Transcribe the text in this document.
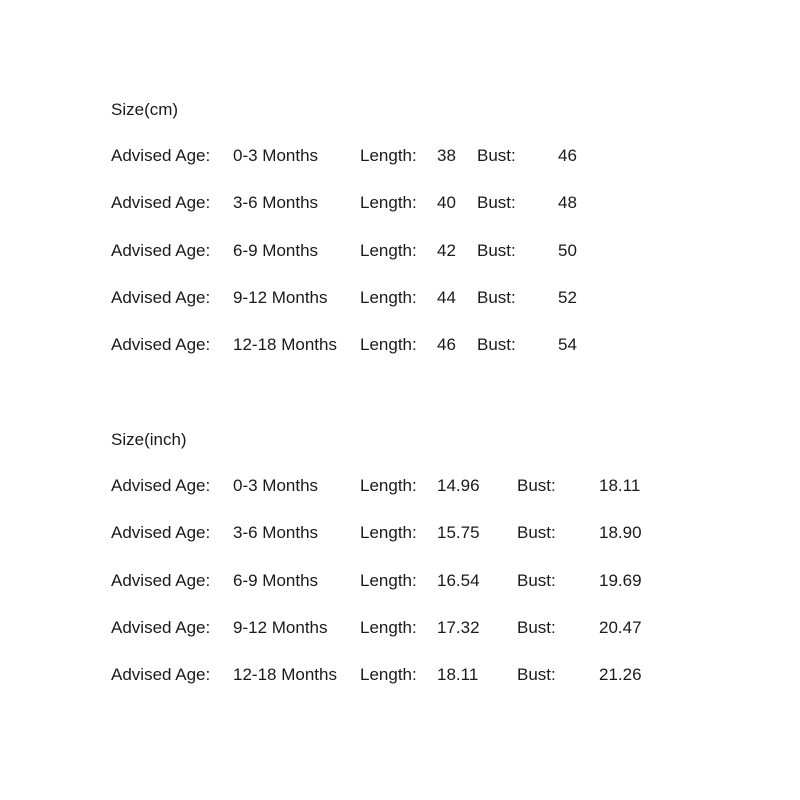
Size(cm)
Advised Age: 0-3 Months Length: 38 Bust: 46
Advised Age: 3-6 Months Length: 40 Bust: 48
Advised Age: 6-9 Months Length: 42 Bust: 50
Advised Age: 9-12 Months Length: 44 Bust: 52
Advised Age: 12-18 Months Length: 46 Bust: 54
Size(inch)
Advised Age: 0-3 Months Length: 14.96 Bust:	18.11
Advised Age: 3-6 Months Length: 15.75 Bust:	18.90
Advised Age: 6-9 Months Length: 16.54 Bust:	19.69
Advised Age: 9-12 Months Length: 17.32 Bust:	20.47
Advised Age: 12-18 Months Length: 18.11 Bust:	21.26
